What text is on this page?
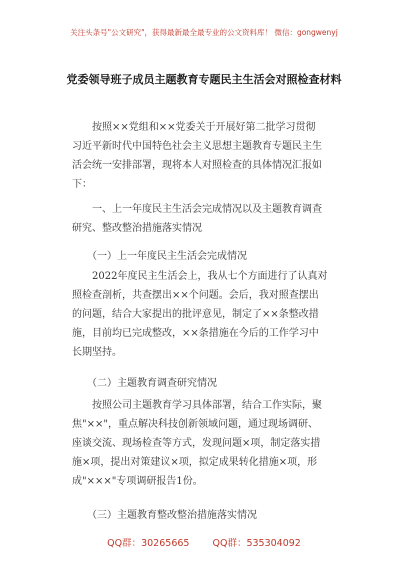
关注头条号"公文研究"，获得最新最全最专业的公文资料库！ 微信：gongwenyj
党委领导班子成员主题教育专题民主生活会对照检查材料
　　按照××党组和××党委关于开展好第二批学习贯彻
习近平新时代中国特色社会主义思想主题教育专题民主生
活会统一安排部署，现将本人对照检查的具体情况汇报如
下：
　　一、上一年度民主生活会完成情况以及主题教育调查
研究、整改整治措施落实情况
　　（一）上一年度民主生活会完成情况
　　2022年度民主生活会上，我从七个方面进行了认真对
照检查剖析，共查摆出××个问题。会后，我对照查摆出
的问题，结合大家提出的批评意见，制定了××条整改措
施，目前均已完成整改，××条措施在今后的工作学习中
长期坚持。
　　（二）主题教育调查研究情况
　　按照公司主题教育学习具体部署，结合工作实际，聚
焦"××"，重点解决科技创新领域问题，通过现场调研、
座谈交流、现场检查等方式，发现问题×项，制定落实措
施×项，提出对策建议×项，拟定成果转化措施×项，形
成"×××"专项调研报告1份。
　　（三）主题教育整改整治措施落实情况
QQ群：30265665 QQ群：535304092
